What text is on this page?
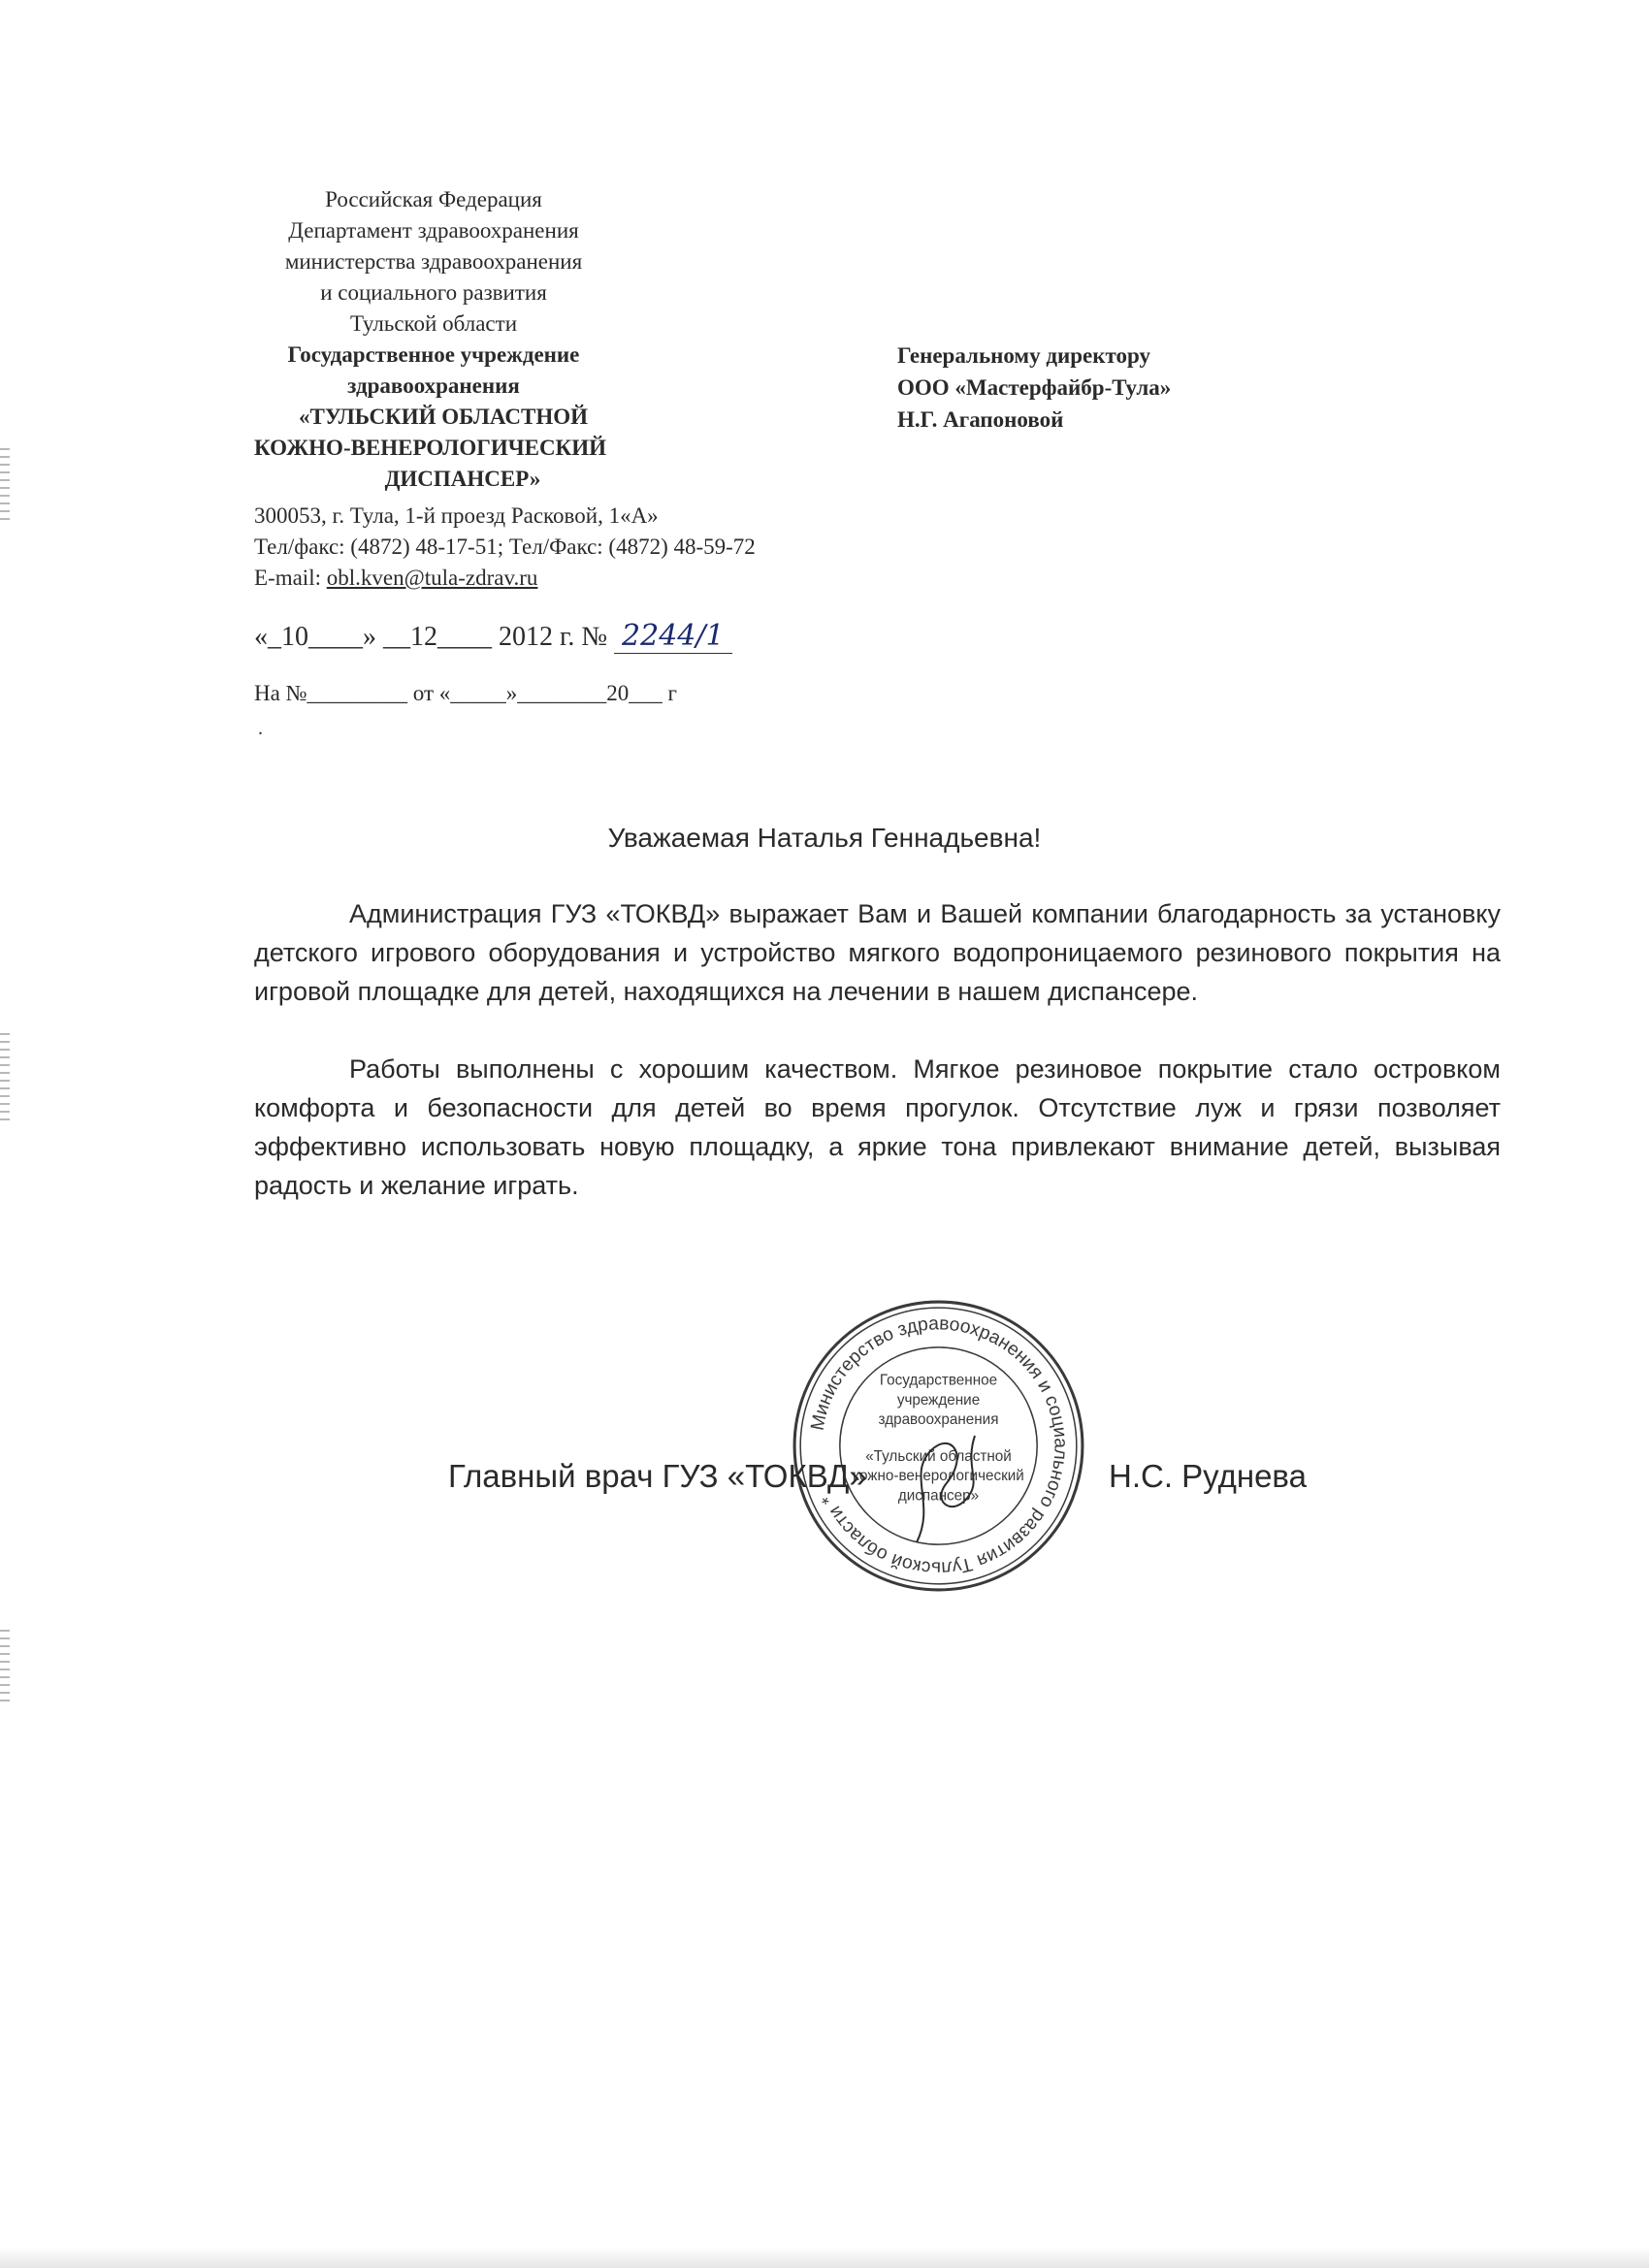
Российская Федерация
Департамент здравоохранения
министерства здравоохранения
и социального развития
Тульской области
Государственное учреждение
здравоохранения
«ТУЛЬСКИЙ ОБЛАСТНОЙ
КОЖНО-ВЕНЕРОЛОГИЧЕСКИЙ
ДИСПАНСЕР»
300053, г. Тула, 1-й проезд Расковой, 1«А»
Тел/факс: (4872) 48-17-51; Тел/Факс: (4872) 48-59-72
E-mail: obl.kven@tula-zdrav.ru
Генеральному директору
ООО «Мастерфайбр-Тула»
Н.Г. Агапоновой
«_10____» __12____ 2012 г. № 2244/1
На №_________ от «_____»________20___ г
.
Уважаемая Наталья Геннадьевна!

Администрация ГУЗ «ТОКВД» выражает Вам и Вашей компании благодарность за установку детского игрового оборудования и устройство мягкого водопроницаемого резинового покрытия на игровой площадке для детей, находящихся на лечении в нашем диспансере.

Работы выполнены с хорошим качеством. Мягкое резиновое покрытие стало островком комфорта и безопасности для детей во время прогулок. Отсутствие луж и грязи позволяет эффективно использовать новую площадку, а яркие тона привлекают внимание детей, вызывая радость и желание играть.

Министерство здравоохранения и социального развития Тульской области *
Государственное
учреждение
здравоохранения
«Тульский областной
кожно-венерологический
диспансер»
Главный врач ГУЗ «ТОКВД»	Н.С. Руднева
